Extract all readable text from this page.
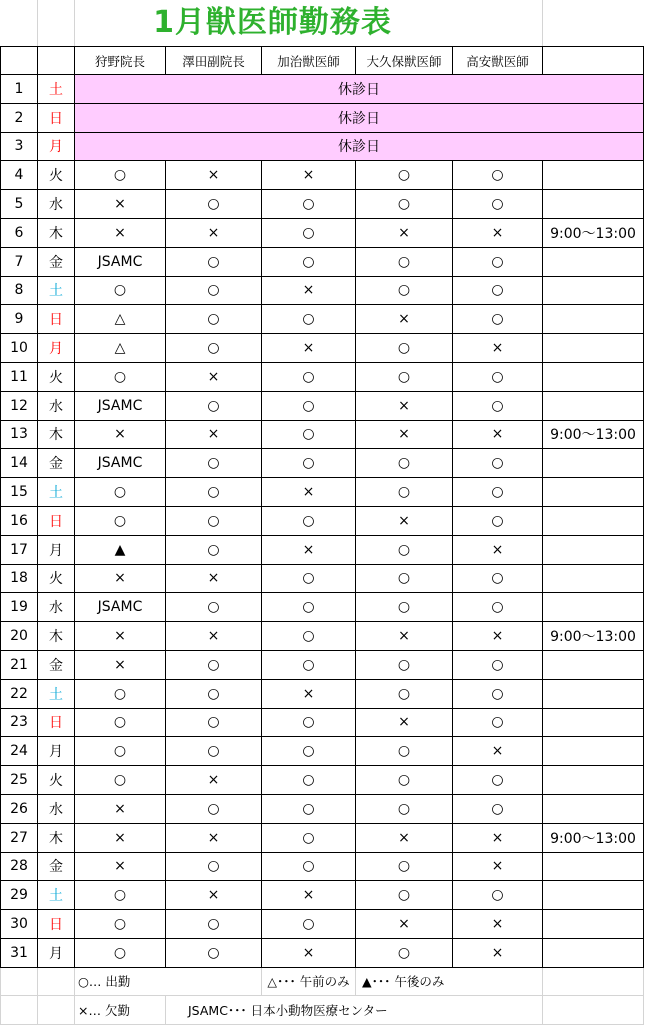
1月獣医師勤務表
		狩野院長	澤田副院長	加治獣医師	大久保獣医師	高安獣医師	
1	土	休診日					
2	日	休診日					
3	月	休診日					
4	火	○	×	×	○	○	
5	水	×	○	○	○	○	
6	木	×	×	○	×	×	9:00～13:00
7	金	JSAMC	○	○	○	○	
8	土	○	○	×	○	○	
9	日	△	○	○	×	○	
10	月	△	○	×	○	×	
11	火	○	×	○	○	○	
12	水	JSAMC	○	○	×	○	
13	木	×	×	○	×	×	9:00～13:00
14	金	JSAMC	○	○	○	○	
15	土	○	○	×	○	○	
16	日	○	○	○	×	○	
17	月	▲	○	×	○	×	
18	火	×	×	○	○	○	
19	水	JSAMC	○	○	○	○	
20	木	×	×	○	×	×	9:00～13:00
21	金	×	○	○	○	○	
22	土	○	○	×	○	○	
23	日	○	○	○	×	○	
24	月	○	○	○	○	×	
25	火	○	×	○	○	○	
26	水	×	○	○	○	○	
27	木	×	×	○	×	×	9:00～13:00
28	金	×	○	○	○	×	
29	土	○	×	×	○	○	
30	日	○	○	○	×	×	
31	月	○	○	×	○	×	
		○… 出勤		△･･･ 午前のみ	▲･･･ 午後のみ		
		×… 欠勤	JSAMC･･･ 日本小動物医療センター				
